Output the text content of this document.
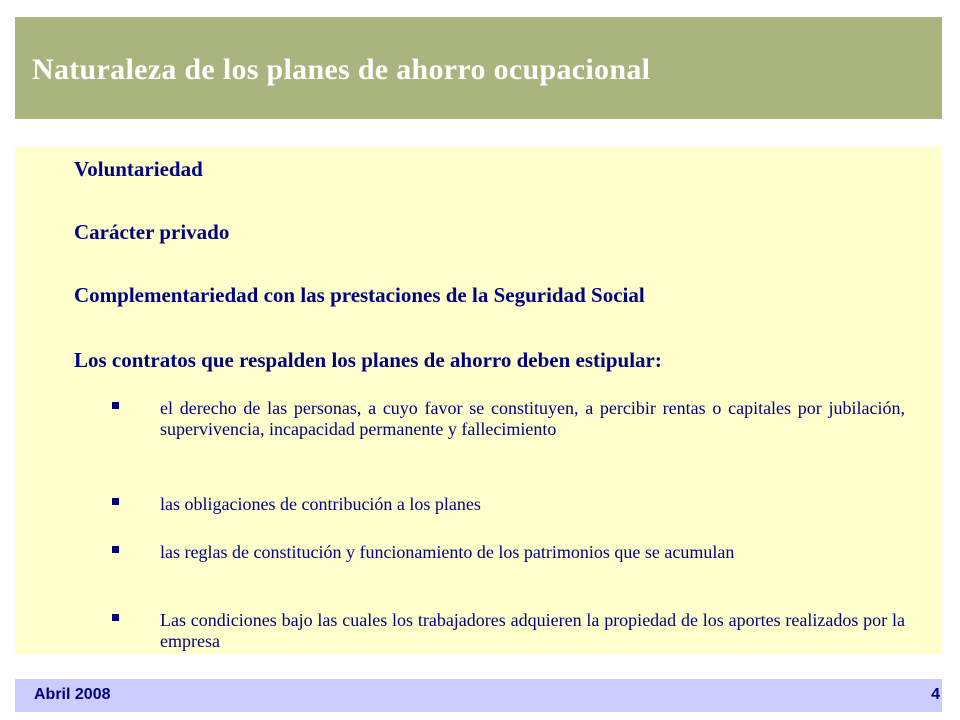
Naturaleza de los planes de ahorro ocupacional
Voluntariedad
Carácter privado
Complementariedad con las prestaciones de la Seguridad Social
Los contratos que respalden los planes de ahorro deben estipular:
el derecho de las personas, a cuyo favor se constituyen, a percibir rentas o capitales por jubilación, supervivencia, incapacidad permanente y fallecimiento
las obligaciones de contribución a los planes
las reglas de constitución y funcionamiento de los patrimonios que se acumulan
Las condiciones bajo las cuales los trabajadores adquieren la propiedad de los aportes realizados por la empresa
Abril 2008	4
